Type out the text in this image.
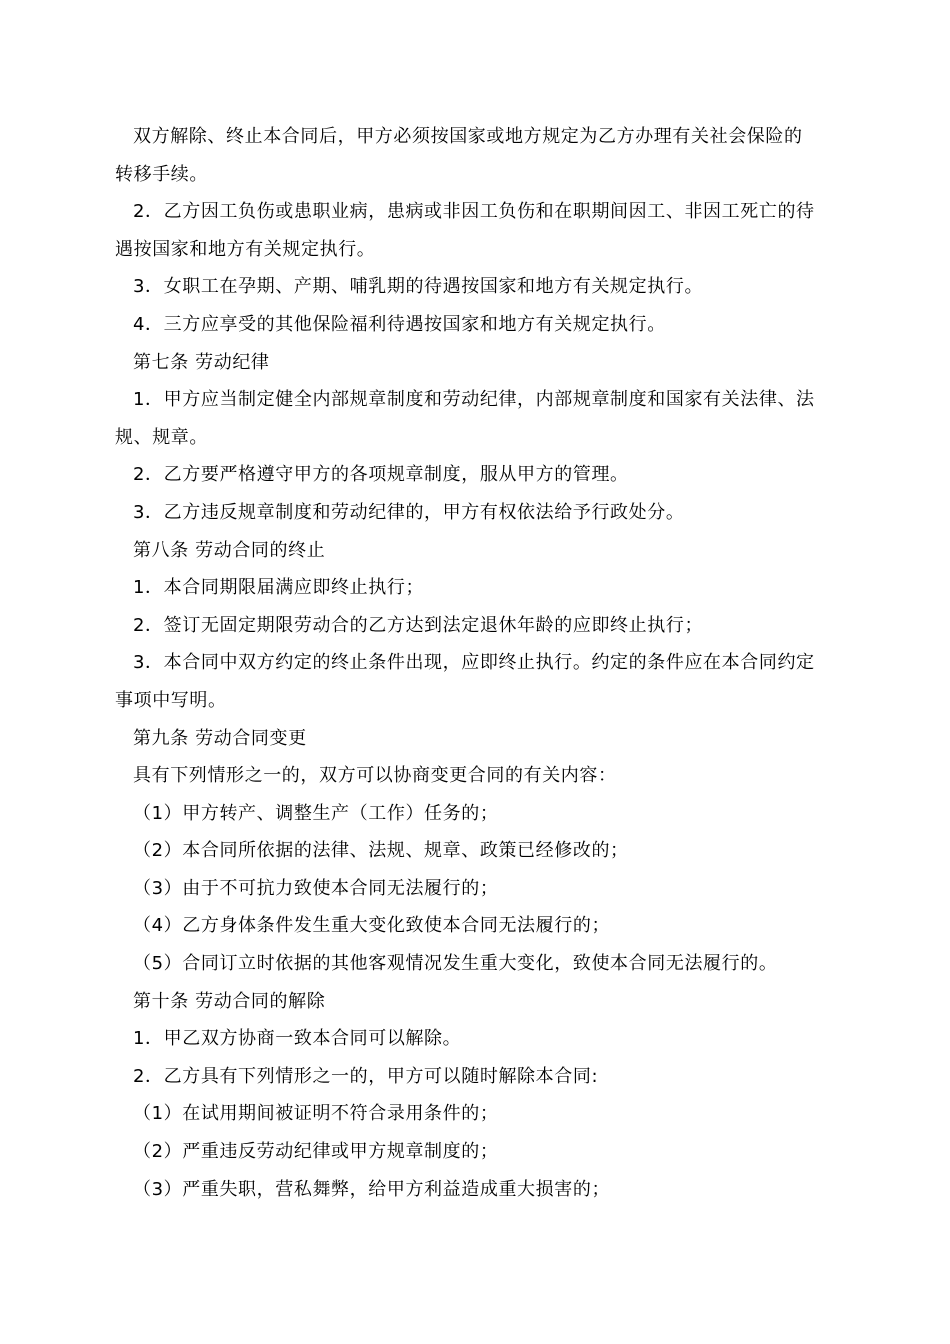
双方解除、终止本合同后，甲方必须按国家或地方规定为乙方办理有关社会保险的
转移手续。
2．乙方因工负伤或患职业病，患病或非因工负伤和在职期间因工、非因工死亡的待
遇按国家和地方有关规定执行。
3．女职工在孕期、产期、哺乳期的待遇按国家和地方有关规定执行。
4．三方应享受的其他保险福利待遇按国家和地方有关规定执行。
第七条 劳动纪律
1．甲方应当制定健全内部规章制度和劳动纪律，内部规章制度和国家有关法律、法
规、规章。
2．乙方要严格遵守甲方的各项规章制度，服从甲方的管理。
3．乙方违反规章制度和劳动纪律的，甲方有权依法给予行政处分。
第八条 劳动合同的终止
1．本合同期限届满应即终止执行；
2．签订无固定期限劳动合的乙方达到法定退休年龄的应即终止执行；
3．本合同中双方约定的终止条件出现，应即终止执行。约定的条件应在本合同约定
事项中写明。
第九条 劳动合同变更
具有下列情形之一的，双方可以协商变更合同的有关内容：
（1）甲方转产、调整生产（工作）任务的；
（2）本合同所依据的法律、法规、规章、政策已经修改的；
（3）由于不可抗力致使本合同无法履行的；
（4）乙方身体条件发生重大变化致使本合同无法履行的；
（5）合同订立时依据的其他客观情况发生重大变化，致使本合同无法履行的。
第十条 劳动合同的解除
1．甲乙双方协商一致本合同可以解除。
2．乙方具有下列情形之一的，甲方可以随时解除本合同:
（1）在试用期间被证明不符合录用条件的；
（2）严重违反劳动纪律或甲方规章制度的；
（3）严重失职，营私舞弊，给甲方利益造成重大损害的；
